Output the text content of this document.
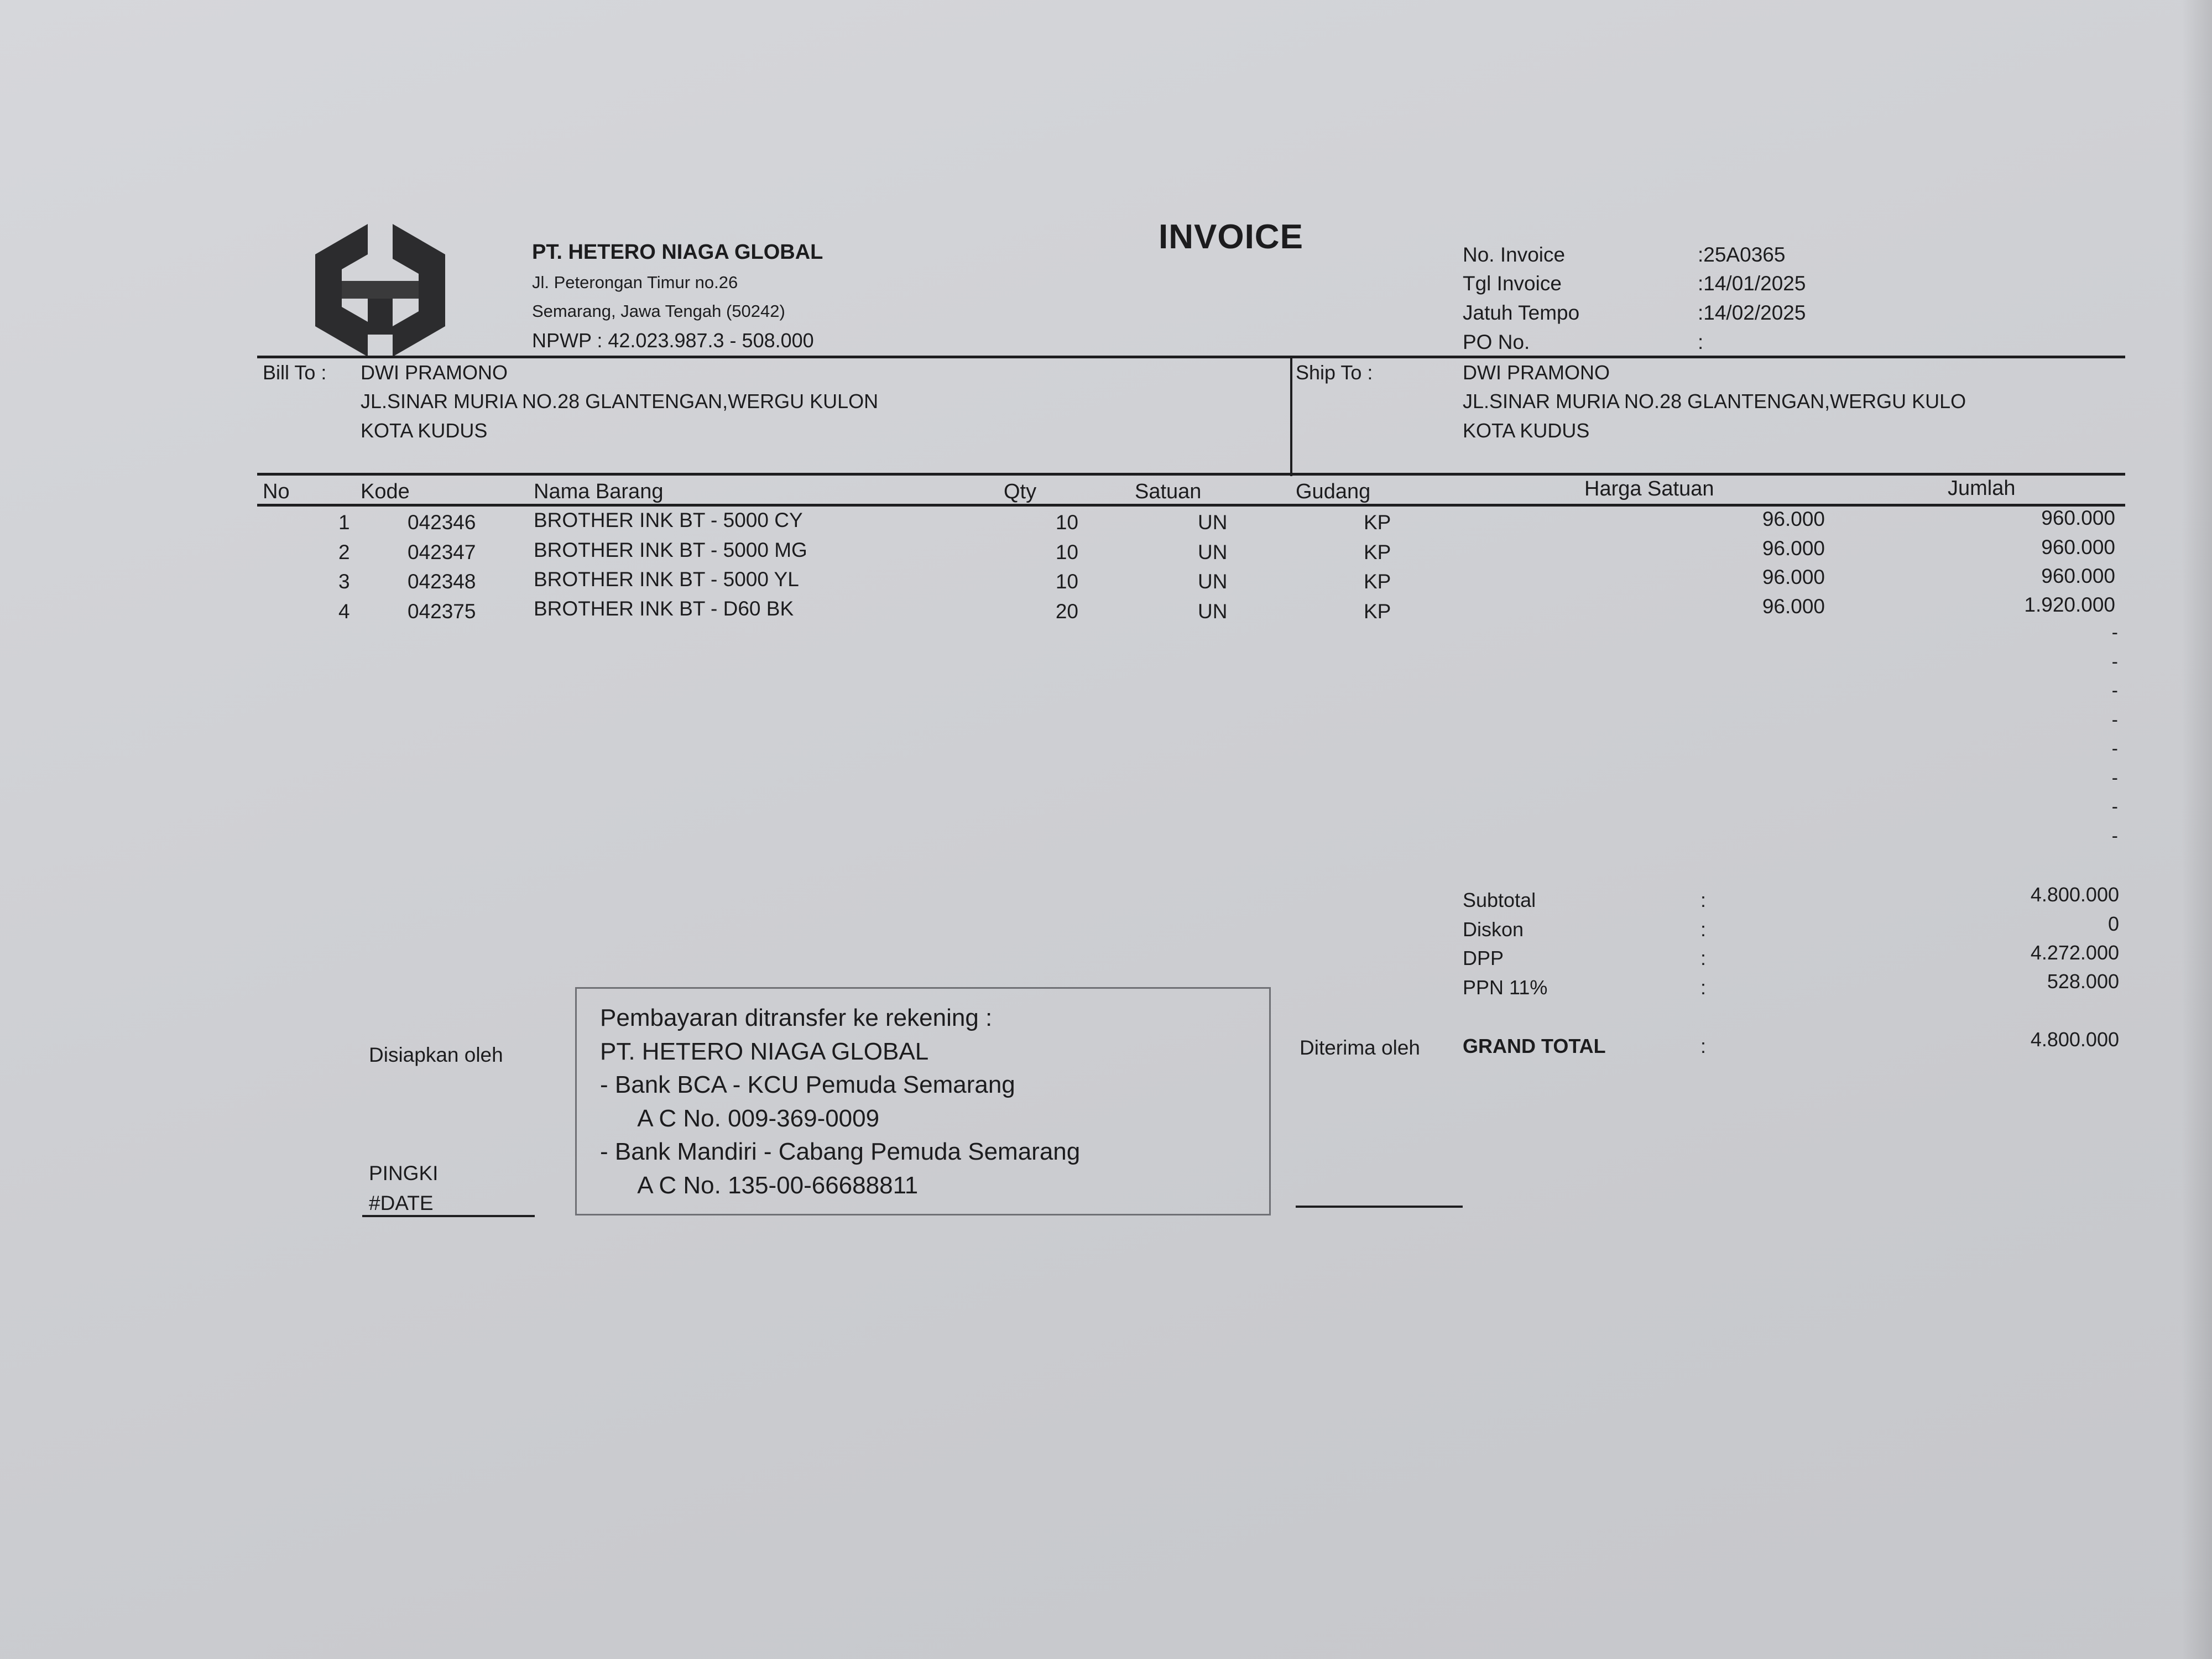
PT. HETERO NIAGA GLOBAL
Jl. Peterongan Timur no.26
Semarang, Jawa Tengah (50242)
NPWP : 42.023.987.3 - 508.000
INVOICE	No. Invoice	:25A0365
Tgl Invoice	:14/01/2025
Jatuh Tempo	:14/02/2025
PO No.	:
Bill To : DWI PRAMONO
JL.SINAR MURIA NO.28 GLANTENGAN,WERGU KULON
KOTA KUDUS
Ship To :	DWI PRAMONO
JL.SINAR MURIA NO.28 GLANTENGAN,WERGU KULO
KOTA KUDUS
No	Kode	Nama Barang	Qty	Satuan	Gudang	Harga Satuan	Jumlah
1	042346	BROTHER INK BT - 5000 CY	10	UN	KP	96.000	960.000
2	042347	BROTHER INK BT - 5000 MG	10	UN	KP	96.000	960.000
3	042348	BROTHER INK BT - 5000 YL	10	UN	KP	96.000	960.000
4	042375	BROTHER INK BT - D60 BK	20	UN	KP	96.000	1.920.000
-
-
-
-
-
-
-
-
Subtotal	:	4.800.000
Diskon	:	0
DPP	:	4.272.000
PPN 11%	:	528.000
GRAND TOTAL	:	4.800.000
Disiapkan oleh
PINGKI
#DATE
Pembayaran ditransfer ke rekening :
PT. HETERO NIAGA GLOBAL
- Bank BCA - KCU Pemuda Semarang
A C No. 009-369-0009
- Bank Mandiri - Cabang Pemuda Semarang
A C No. 135-00-66688811
Diterima oleh
